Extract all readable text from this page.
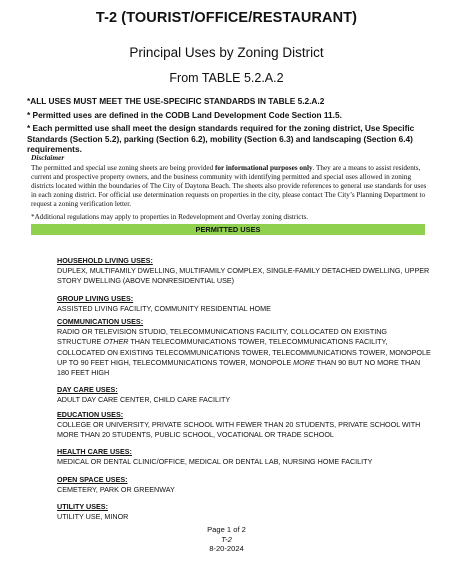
T-2 (TOURIST/OFFICE/RESTAURANT)
Principal Uses by Zoning District
From TABLE 5.2.A.2

*ALL USES MUST MEET THE USE-SPECIFIC STANDARDS IN TABLE 5.2.A.2

* Permitted uses are defined in the CODB Land Development Code Section 11.5.

* Each permitted use shall meet the design standards required for the zoning district, Use Specific Standards (Section 5.2), parking (Section 6.2), mobility (Section 6.3) and landscaping (Section 6.4) requirements.

Disclaimer

The permitted and special use zoning sheets are being provided for informational purposes only. They are a means to assist residents, current and prospective property owners, and the business community with identifying permitted and special uses allowed in zoning districts located within the boundaries of The City of Daytona Beach. The sheets also provide references to general use standards for uses in each zoning district. For official use determination requests on properties in the city, please contact The City’s Planning Department to request a zoning verification letter.

*Additional regulations may apply to properties in Redevelopment and Overlay zoning districts.

PERMITTED USES
HOUSEHOLD LIVING USES:
DUPLEX, MULTIFAMILY DWELLING, MULTIFAMILY COMPLEX, SINGLE-FAMILY DETACHED DWELLING, UPPER STORY DWELLING (ABOVE NONRESIDENTIAL USE)
GROUP LIVING USES:
ASSISTED LIVING FACILITY, COMMUNITY RESIDENTIAL HOME
COMMUNICATION USES:
RADIO OR TELEVISION STUDIO, TELECOMMUNICATIONS FACILITY, COLLOCATED ON EXISTING STRUCTURE OTHER THAN TELECOMMUNICATIONS TOWER, TELECOMMUNICATIONS FACILITY, COLLOCATED ON EXISTING TELECOMMUNICATIONS TOWER, TELECOMMUNICATIONS TOWER, MONOPOLE UP TO 90 FEET HIGH, TELECOMMUNICATIONS TOWER, MONOPOLE MORE THAN 90 BUT NO MORE THAN 180 FEET HIGH
DAY CARE USES:
ADULT DAY CARE CENTER, CHILD CARE FACILITY
EDUCATION USES:
COLLEGE OR UNIVERSITY, PRIVATE SCHOOL WITH FEWER THAN 20 STUDENTS, PRIVATE SCHOOL WITH MORE THAN 20 STUDENTS, PUBLIC SCHOOL, VOCATIONAL OR TRADE SCHOOL
HEALTH CARE USES:
MEDICAL OR DENTAL CLINIC/OFFICE, MEDICAL OR DENTAL LAB, NURSING HOME FACILITY
OPEN SPACE USES:
CEMETERY, PARK OR GREENWAY
UTILITY USES:
UTILITY USE, MINOR
Page 1 of 2
T-2
8-20-2024
